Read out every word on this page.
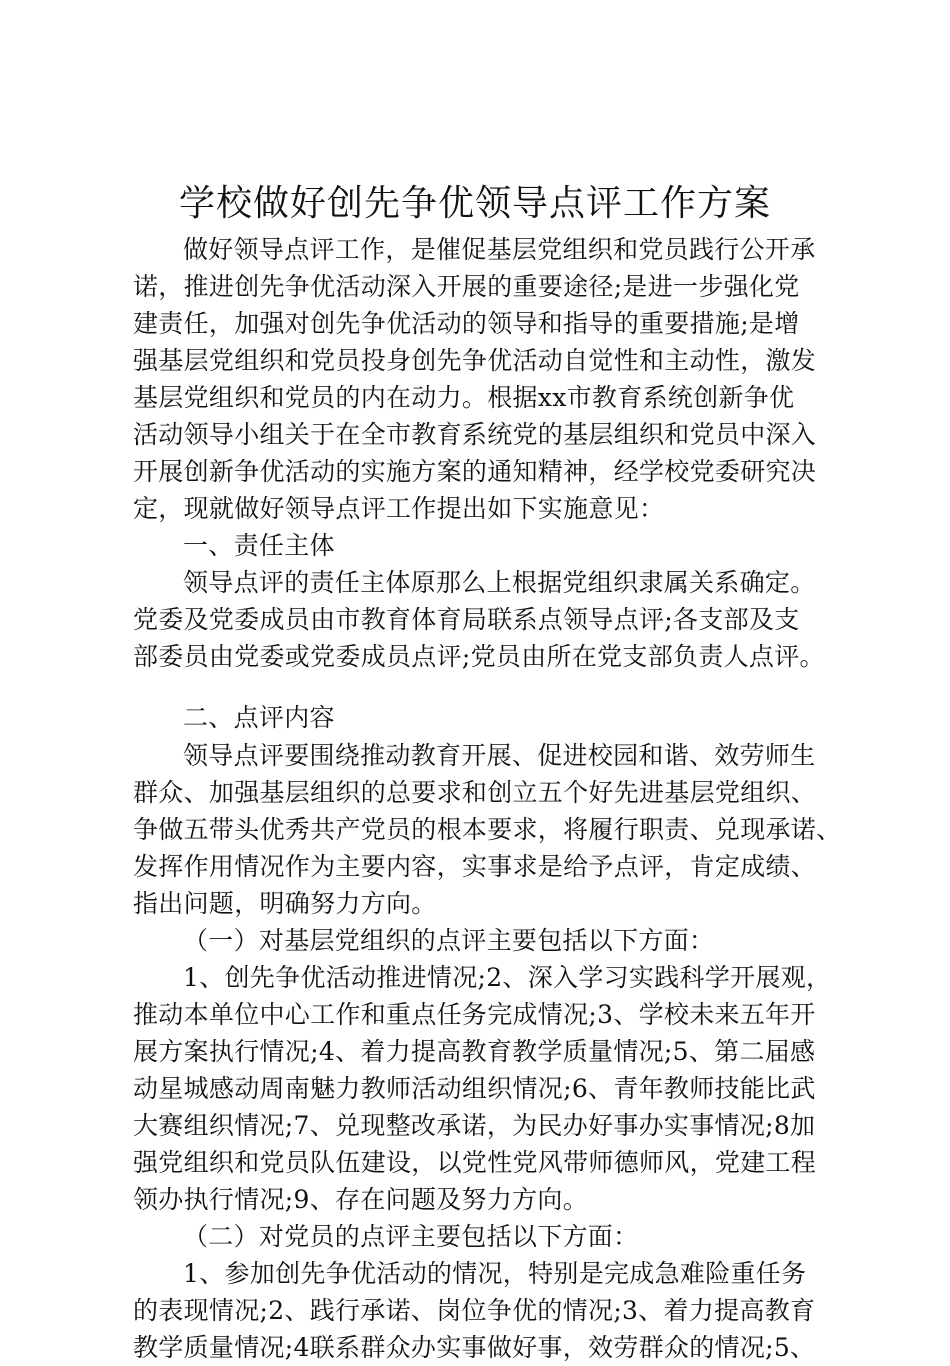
学校做好创先争优领导点评工作方案

做好领导点评工作，是催促基层党组织和党员践行公开承

诺，推进创先争优活动深入开展的重要途径;是进一步强化党

建责任，加强对创先争优活动的领导和指导的重要措施;是增

强基层党组织和党员投身创先争优活动自觉性和主动性，激发

基层党组织和党员的内在动力。根据xx市教育系统创新争优

活动领导小组关于在全市教育系统党的基层组织和党员中深入

开展创新争优活动的实施方案的通知精神，经学校党委研究决

定，现就做好领导点评工作提出如下实施意见：

一、责任主体

领导点评的责任主体原那么上根据党组织隶属关系确定。

党委及党委成员由市教育体育局联系点领导点评;各支部及支

部委员由党委或党委成员点评;党员由所在党支部负责人点评。

二、点评内容

领导点评要围绕推动教育开展、促进校园和谐、效劳师生

群众、加强基层组织的总要求和创立五个好先进基层党组织、

争做五带头优秀共产党员的根本要求，将履行职责、兑现承诺、

发挥作用情况作为主要内容，实事求是给予点评，肯定成绩、

指出问题，明确努力方向。

（一）对基层党组织的点评主要包括以下方面：

1、创先争优活动推进情况;2、深入学习实践科学开展观，

推动本单位中心工作和重点任务完成情况;3、学校未来五年开

展方案执行情况;4、着力提高教育教学质量情况;5、第二届感

动星城感动周南魅力教师活动组织情况;6、青年教师技能比武

大赛组织情况;7、兑现整改承诺，为民办好事办实事情况;8加

强党组织和党员队伍建设，以党性党风带师德师风，党建工程

领办执行情况;9、存在问题及努力方向。

（二）对党员的点评主要包括以下方面：

1、参加创先争优活动的情况，特别是完成急难险重任务

的表现情况;2、践行承诺、岗位争优的情况;3、着力提高教育

教学质量情况;4联系群众办实事做好事，效劳群众的情况;5、
